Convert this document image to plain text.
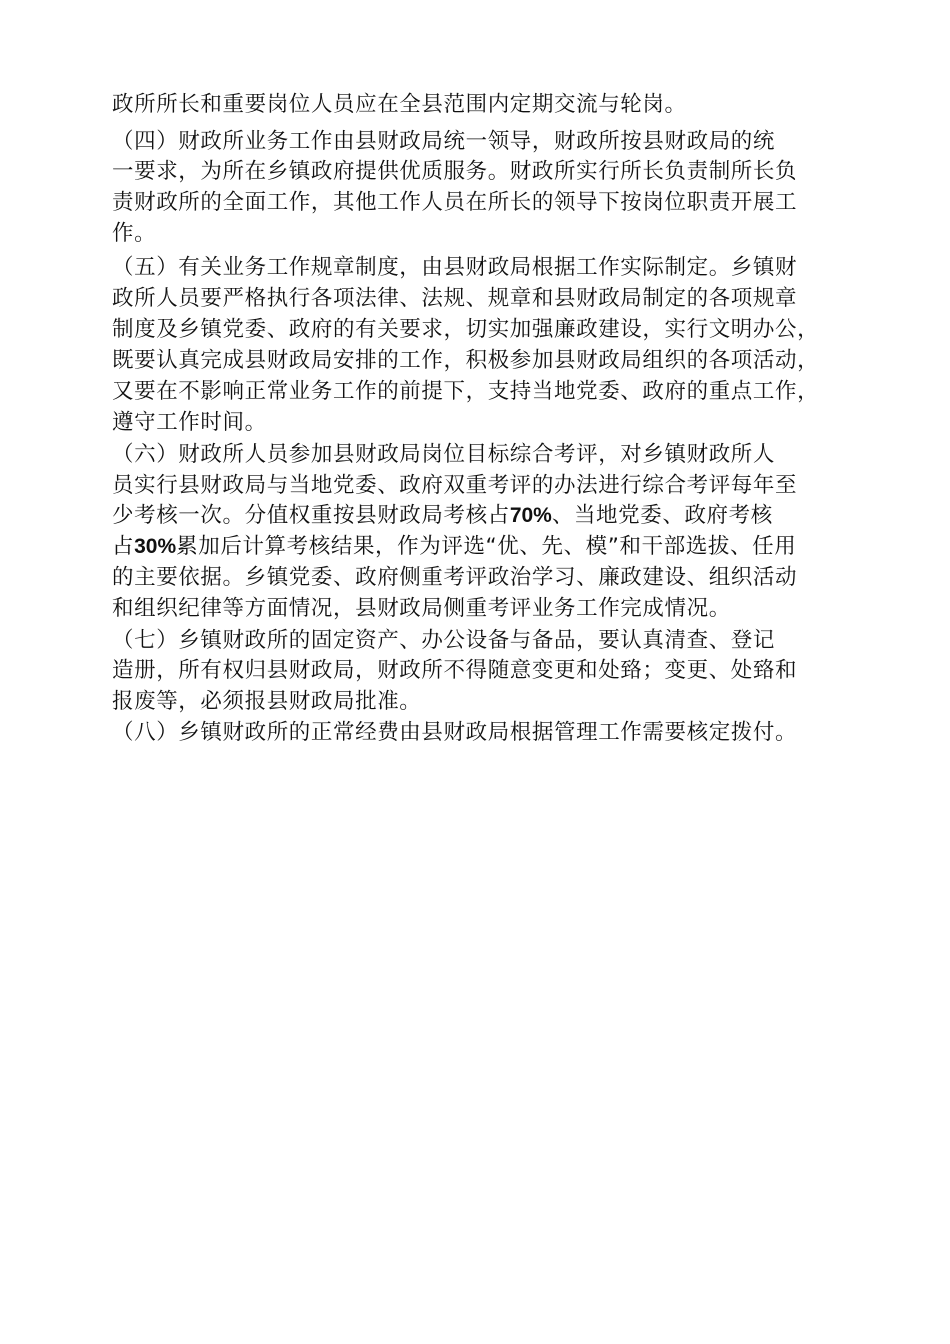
政所所长和重要岗位人员应在全县范围内定期交流与轮岗。
（四）财政所业务工作由县财政局统一领导，财政所按县财政局的统
一要求，为所在乡镇政府提供优质服务。财政所实行所长负责制所长负
责财政所的全面工作，其他工作人员在所长的领导下按岗位职责开展工
作。
（五）有关业务工作规章制度，由县财政局根据工作实际制定。乡镇财
政所人员要严格执行各项法律、法规、规章和县财政局制定的各项规章
制度及乡镇党委、政府的有关要求，切实加强廉政建设，实行文明办公，
既要认真完成县财政局安排的工作，积极参加县财政局组织的各项活动，
又要在不影响正常业务工作的前提下，支持当地党委、政府的重点工作，
遵守工作时间。
（六）财政所人员参加县财政局岗位目标综合考评，对乡镇财政所人
员实行县财政局与当地党委、政府双重考评的办法进行综合考评每年至
少考核一次。分值权重按县财政局考核占70%、当地党委、政府考核
占30%累加后计算考核结果，作为评选“优、先、模”和干部选拔、任用
的主要依据。乡镇党委、政府侧重考评政治学习、廉政建设、组织活动
和组织纪律等方面情况，县财政局侧重考评业务工作完成情况。
（七）乡镇财政所的固定资产、办公设备与备品，要认真清查、登记
造册，所有权归县财政局，财政所不得随意变更和处臵；变更、处臵和
报废等，必须报县财政局批准。
（八）乡镇财政所的正常经费由县财政局根据管理工作需要核定拨付。
